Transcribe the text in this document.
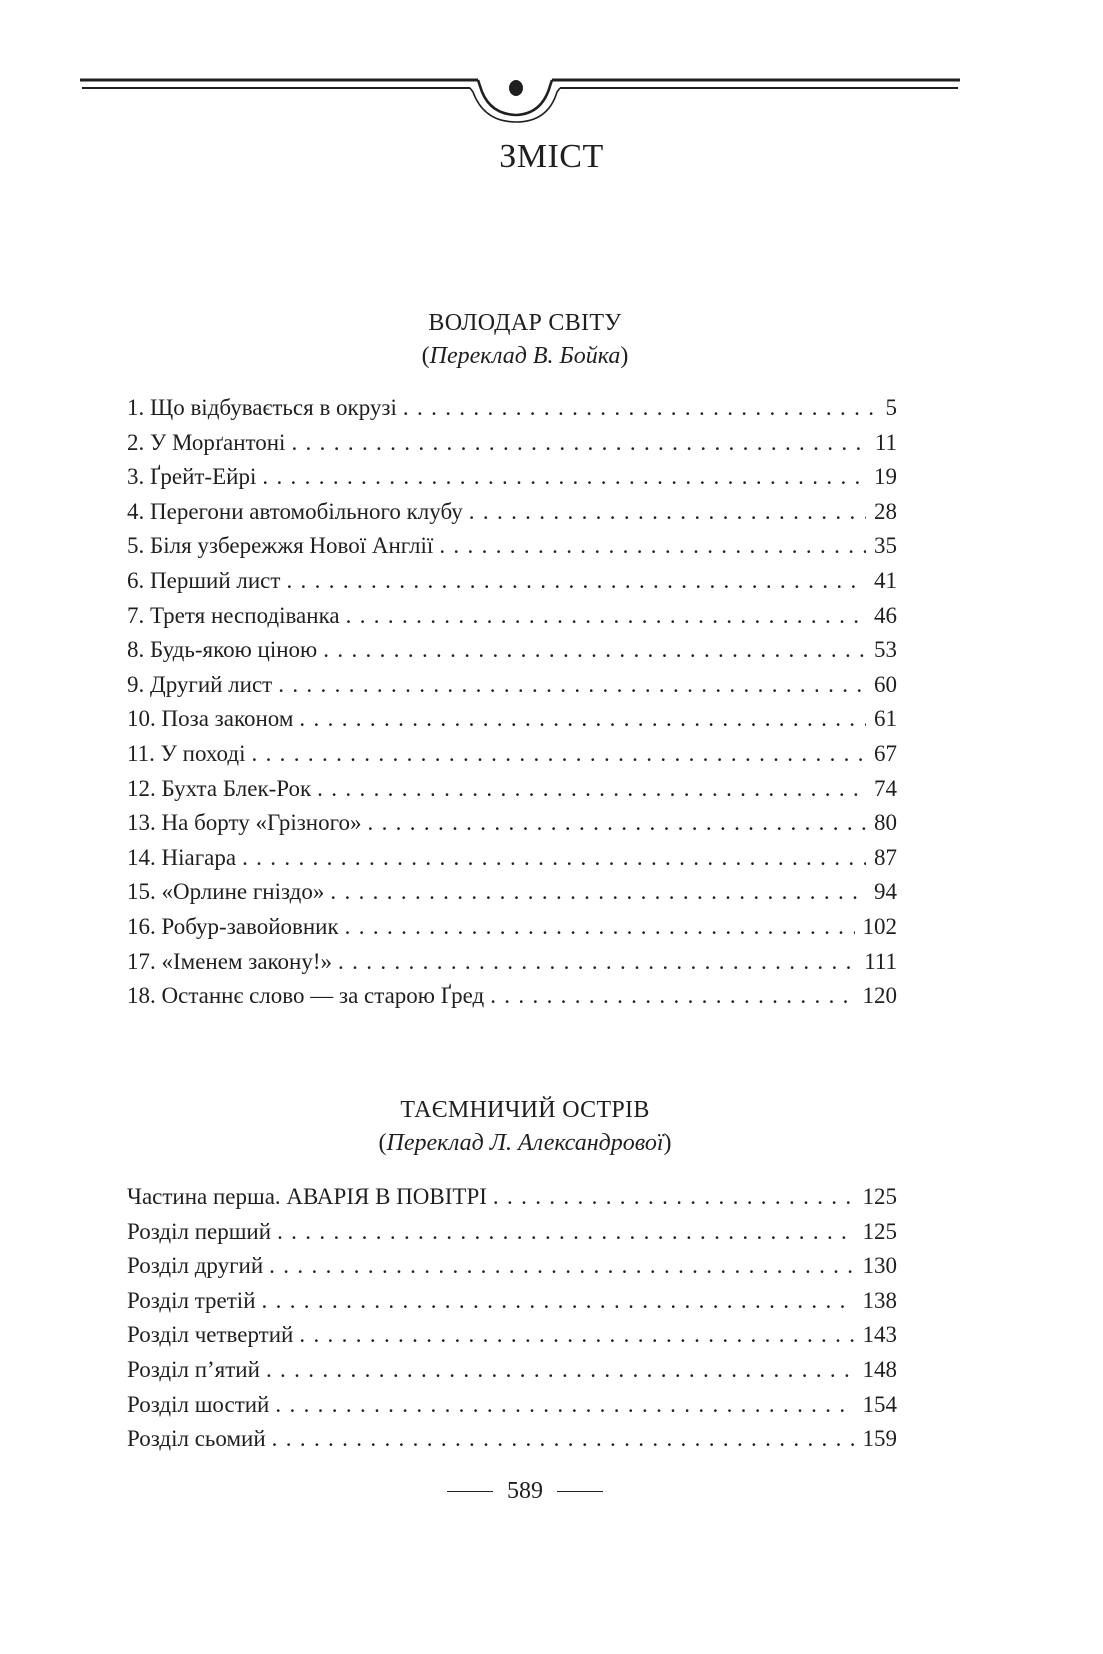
ЗМІСТ
ВОЛОДАР СВІТУ

(Переклад В. Бойка)

1. Що відбувається в окрузі . . .	5
2. У Морґантоні . . .	11
3. Ґрейт-Ейрі . . .	19
4. Перегони автомобільного клубу . . .	28
5. Біля узбережжя Нової Англії . . .	35
6. Перший лист . . .	41
7. Третя несподіванка . . .	46
8. Будь-якою ціною . . .	53
9. Другий лист . . .	60
10. Поза законом . . .	61
11. У поході . . .	67
12. Бухта Блек-Рок . . .	74
13. На борту «Грізного» . . .	80
14. Ніагара . . .	87
15. «Орлине гніздо» . . .	94
16. Робур-завойовник . . .	102
17. «Іменем закону!» . . .	111
18. Останнє слово — за старою Ґред . . .	120
ТАЄМНИЧИЙ ОСТРІВ

(Переклад Л. Александрової)

Частина перша. АВАРІЯ В ПОВІТРІ . . .	125
Розділ перший . . .	125
Розділ другий . . .	130
Розділ третій . . .	138
Розділ четвертий . . .	143
Розділ п’ятий . . .	148
Розділ шостий . . .	154
Розділ сьомий . . .	159
589
